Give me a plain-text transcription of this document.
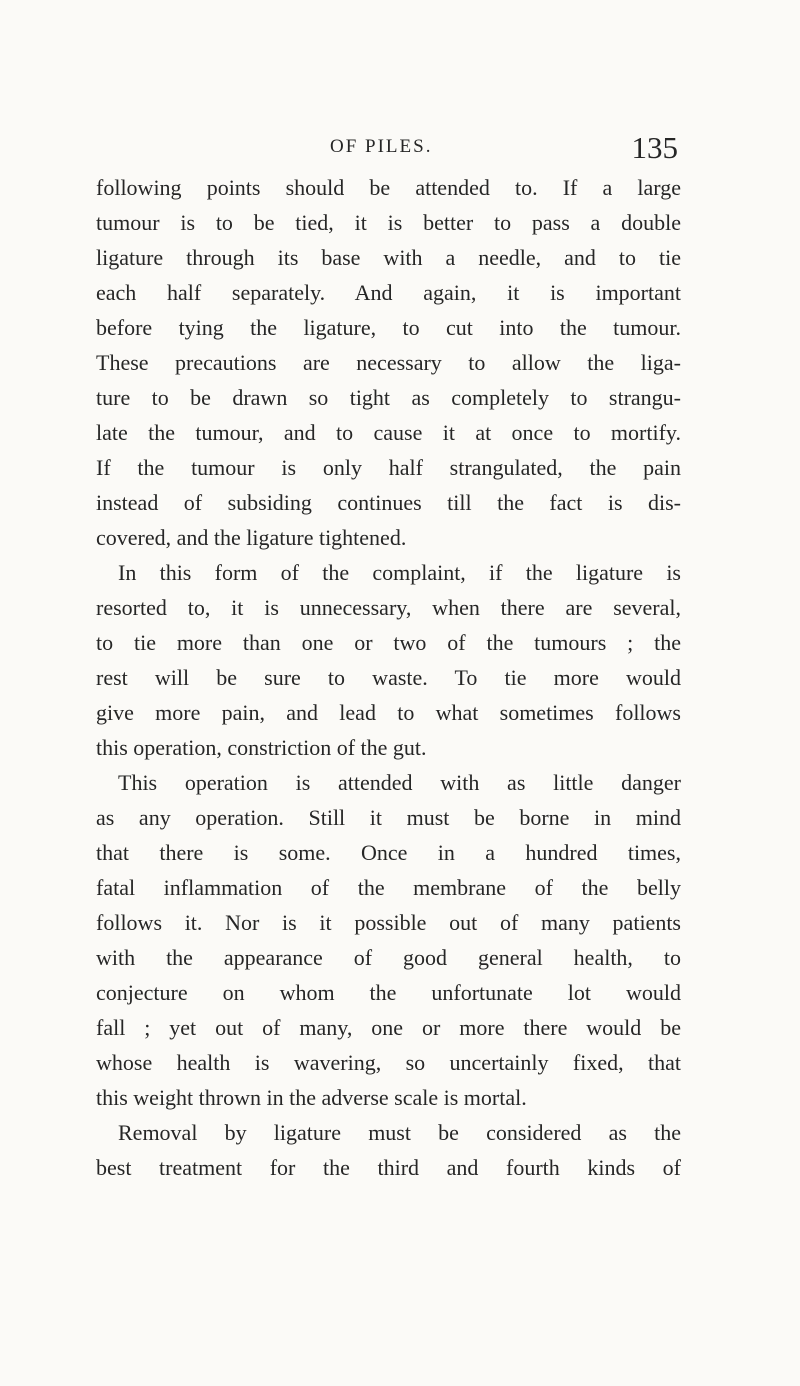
OF PILES.	135
following points should be attended to. If a large
tumour is to be tied, it is better to pass a double
ligature through its base with a needle, and to tie
each half separately. And again, it is important
before tying the ligature, to cut into the tumour.
These precautions are necessary to allow the liga-
ture to be drawn so tight as completely to strangu-
late the tumour, and to cause it at once to mortify.
If the tumour is only half strangulated, the pain
instead of subsiding continues till the fact is dis-
covered, and the ligature tightened.
In this form of the complaint, if the ligature is
resorted to, it is unnecessary, when there are several,
to tie more than one or two of the tumours ; the
rest will be sure to waste. To tie more would
give more pain, and lead to what sometimes follows
this operation, constriction of the gut.
This operation is attended with as little danger
as any operation. Still it must be borne in mind
that there is some. Once in a hundred times,
fatal inflammation of the membrane of the belly
follows it. Nor is it possible out of many patients
with the appearance of good general health, to
conjecture on whom the unfortunate lot would
fall ; yet out of many, one or more there would be
whose health is wavering, so uncertainly fixed, that
this weight thrown in the adverse scale is mortal.
Removal by ligature must be considered as the
best treatment for the third and fourth kinds of
